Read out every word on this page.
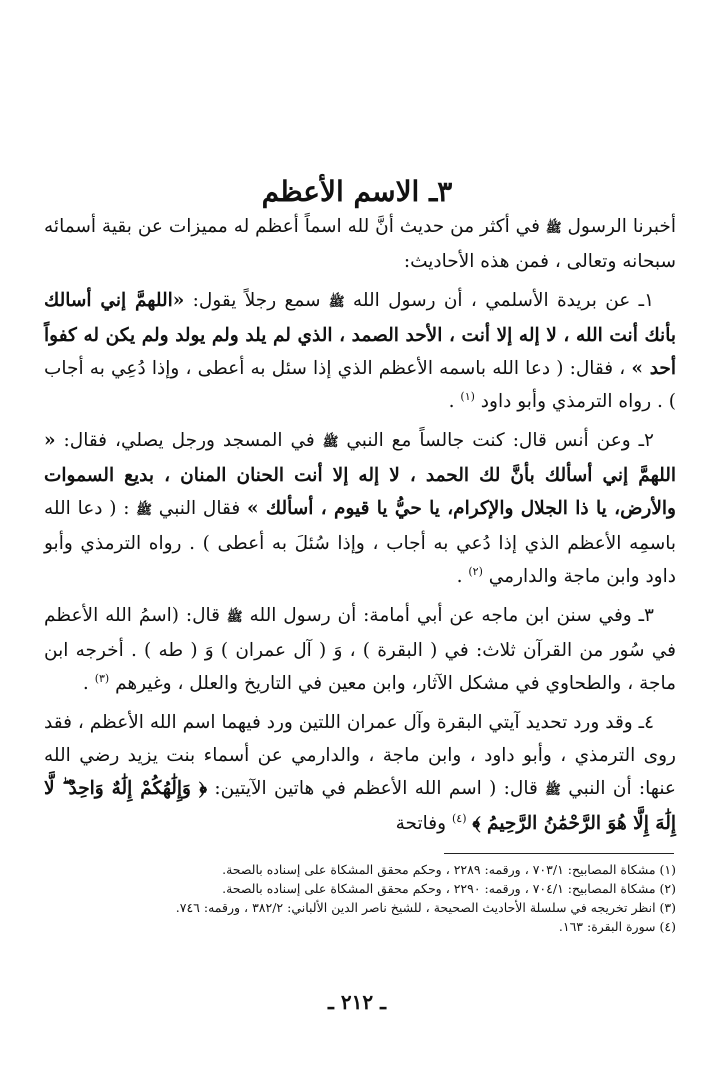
٣ـ الاسم الأعظم

أخبرنا الرسول ﷺ في أكثر من حديث أنَّ لله اسماً أعظم له مميزات عن بقية أسمائه سبحانه وتعالى ، فمن هذه الأحاديث:

١ـ عن بريدة الأسلمي ، أن رسول الله ﷺ سمع رجلاً يقول: «اللهمَّ إني أسالك بأنك أنت الله ، لا إله إلا أنت ، الأحد الصمد ، الذي لم يلد ولم يولد ولم يكن له كفواً أحد » ، فقال: ( دعا الله باسمه الأعظم الذي إذا سئل به أعطى ، وإذا دُعِي به أجاب ) . رواه الترمذي وأبو داود $^{(١)}$ .

٢ـ وعن أنس قال: كنت جالساً مع النبي ﷺ في المسجد ورجل يصلي، فقال: « اللهمَّ إني أسألك بأنَّ لك الحمد ، لا إله إلا أنت الحنان المنان ، بديع السموات والأرض، يا ذا الجلال والإكرام، يا حيُّ يا قيوم ، أسألك » فقال النبي ﷺ : ( دعا الله باسمِه الأعظم الذي إذا دُعي به أجاب ، وإذا سُئلَ به أعطى ) . رواه الترمذي وأبو داود وابن ماجة والدارمي $^{(٢)}$ .

٣ـ وفي سنن ابن ماجه عن أبي أمامة: أن رسول الله ﷺ قال: (اسمُ الله الأعظم في سُور من القرآن ثلاث: في ( البقرة ) ، وَ ( آل عمران ) وَ ( طه ) . أخرجه ابن ماجة ، والطحاوي في مشكل الآثار، وابن معين في التاريخ والعلل ، وغيرهم $^{(٣)}$ .

٤ـ وقد ورد تحديد آيتي البقرة وآل عمران اللتين ورد فيهما اسم الله الأعظم ، فقد روى الترمذي ، وأبو داود ، وابن ماجة ، والدارمي عن أسماء بنت يزيد رضي الله عنها: أن النبي ﷺ قال: ( اسم الله الأعظم في هاتين الآيتين: ﴿ وَإِلَٰهُكُمْ إِلَٰهٌ وَاحِدٌ ۖ لَّا إِلَٰهَ إِلَّا هُوَ الرَّحْمَٰنُ الرَّحِيمُ ﴾ $^{(٤)}$ وفاتحة

(١) مشكاة المصابيح: ٧٠٣/١ ، ورقمه: ٢٢٨٩ ، وحكم محقق المشكاة على إسناده بالصحة.
(٢) مشكاة المصابيح: ٧٠٤/١ ، ورقمه: ٢٢٩٠ ، وحكم محقق المشكاة على إسناده بالصحة.
(٣) انظر تخريجه في سلسلة الأحاديث الصحيحة ، للشيخ ناصر الدين الألباني: ٣٨٢/٢ ، ورقمه: ٧٤٦.
(٤) سورة البقرة: ١٦٣.
ـ ٢١٢ ـ
